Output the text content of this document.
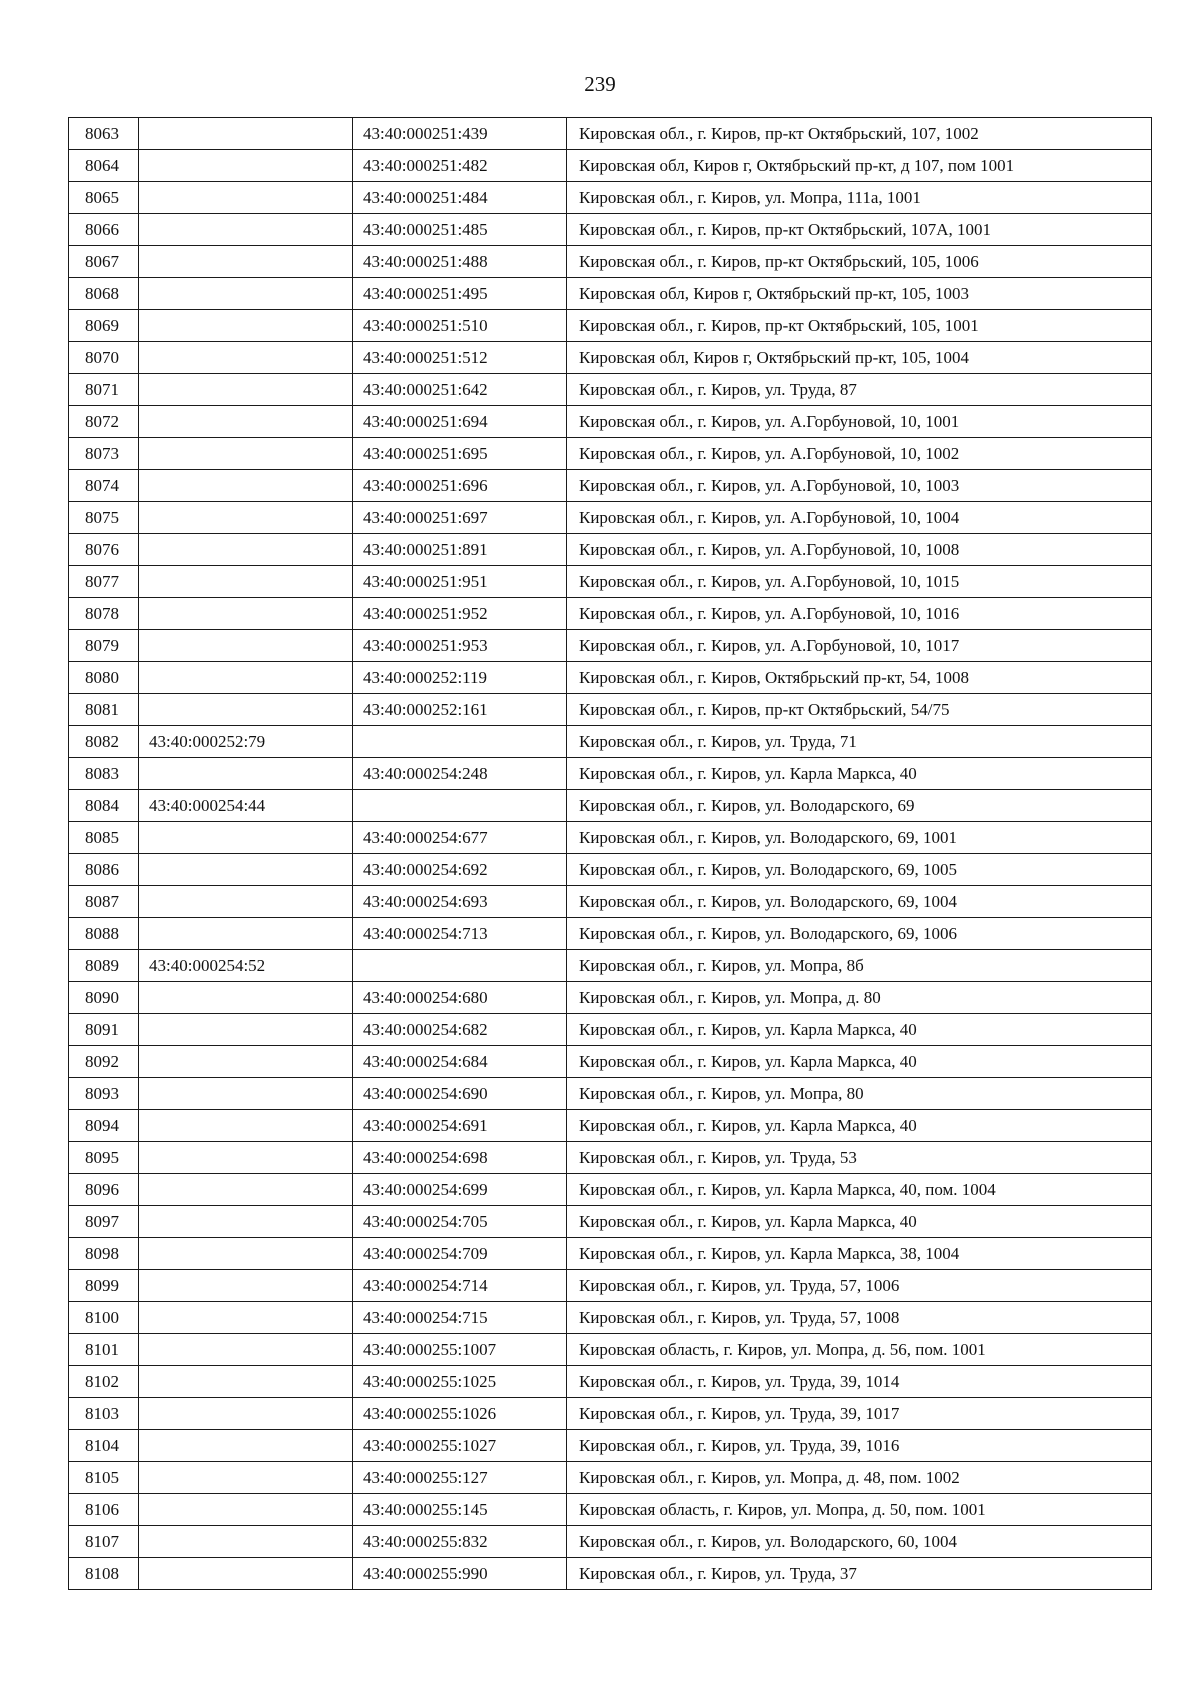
239
8063		43:40:000251:439	Кировская обл., г. Киров, пр-кт Октябрьский, 107, 1002
8064		43:40:000251:482	Кировская обл, Киров г, Октябрьский пр-кт, д 107, пом 1001
8065		43:40:000251:484	Кировская обл., г. Киров, ул. Мопра, 111а, 1001
8066		43:40:000251:485	Кировская обл., г. Киров, пр-кт Октябрьский, 107А, 1001
8067		43:40:000251:488	Кировская обл., г. Киров, пр-кт Октябрьский, 105, 1006
8068		43:40:000251:495	Кировская обл, Киров г, Октябрьский пр-кт, 105, 1003
8069		43:40:000251:510	Кировская обл., г. Киров, пр-кт Октябрьский, 105, 1001
8070		43:40:000251:512	Кировская обл, Киров г, Октябрьский пр-кт, 105, 1004
8071		43:40:000251:642	Кировская обл., г. Киров, ул. Труда, 87
8072		43:40:000251:694	Кировская обл., г. Киров, ул. А.Горбуновой, 10, 1001
8073		43:40:000251:695	Кировская обл., г. Киров, ул. А.Горбуновой, 10, 1002
8074		43:40:000251:696	Кировская обл., г. Киров, ул. А.Горбуновой, 10, 1003
8075		43:40:000251:697	Кировская обл., г. Киров, ул. А.Горбуновой, 10, 1004
8076		43:40:000251:891	Кировская обл., г. Киров, ул. А.Горбуновой, 10, 1008
8077		43:40:000251:951	Кировская обл., г. Киров, ул. А.Горбуновой, 10, 1015
8078		43:40:000251:952	Кировская обл., г. Киров, ул. А.Горбуновой, 10, 1016
8079		43:40:000251:953	Кировская обл., г. Киров, ул. А.Горбуновой, 10, 1017
8080		43:40:000252:119	Кировская обл., г. Киров, Октябрьский пр-кт, 54, 1008
8081		43:40:000252:161	Кировская обл., г. Киров, пр-кт Октябрьский, 54/75
8082	43:40:000252:79		Кировская обл., г. Киров, ул. Труда, 71
8083		43:40:000254:248	Кировская обл., г. Киров, ул. Карла Маркса, 40
8084	43:40:000254:44		Кировская обл., г. Киров, ул. Володарского, 69
8085		43:40:000254:677	Кировская обл., г. Киров, ул. Володарского, 69, 1001
8086		43:40:000254:692	Кировская обл., г. Киров, ул. Володарского, 69, 1005
8087		43:40:000254:693	Кировская обл., г. Киров, ул. Володарского, 69, 1004
8088		43:40:000254:713	Кировская обл., г. Киров, ул. Володарского, 69, 1006
8089	43:40:000254:52		Кировская обл., г. Киров, ул. Мопра, 8б
8090		43:40:000254:680	Кировская обл., г. Киров, ул. Мопра, д. 80
8091		43:40:000254:682	Кировская обл., г. Киров, ул. Карла Маркса, 40
8092		43:40:000254:684	Кировская обл., г. Киров, ул. Карла Маркса, 40
8093		43:40:000254:690	Кировская обл., г. Киров, ул. Мопра, 80
8094		43:40:000254:691	Кировская обл., г. Киров, ул. Карла Маркса, 40
8095		43:40:000254:698	Кировская обл., г. Киров, ул. Труда, 53
8096		43:40:000254:699	Кировская обл., г. Киров, ул. Карла Маркса, 40, пом. 1004
8097		43:40:000254:705	Кировская обл., г. Киров, ул. Карла Маркса, 40
8098		43:40:000254:709	Кировская обл., г. Киров, ул. Карла Маркса, 38, 1004
8099		43:40:000254:714	Кировская обл., г. Киров, ул. Труда, 57, 1006
8100		43:40:000254:715	Кировская обл., г. Киров, ул. Труда, 57, 1008
8101		43:40:000255:1007	Кировская область, г. Киров, ул. Мопра, д. 56, пом. 1001
8102		43:40:000255:1025	Кировская обл., г. Киров, ул. Труда, 39, 1014
8103		43:40:000255:1026	Кировская обл., г. Киров, ул. Труда, 39, 1017
8104		43:40:000255:1027	Кировская обл., г. Киров, ул. Труда, 39, 1016
8105		43:40:000255:127	Кировская обл., г. Киров, ул. Мопра, д. 48, пом. 1002
8106		43:40:000255:145	Кировская область, г. Киров, ул. Мопра, д. 50, пом. 1001
8107		43:40:000255:832	Кировская обл., г. Киров, ул. Володарского, 60, 1004
8108		43:40:000255:990	Кировская обл., г. Киров, ул. Труда, 37
